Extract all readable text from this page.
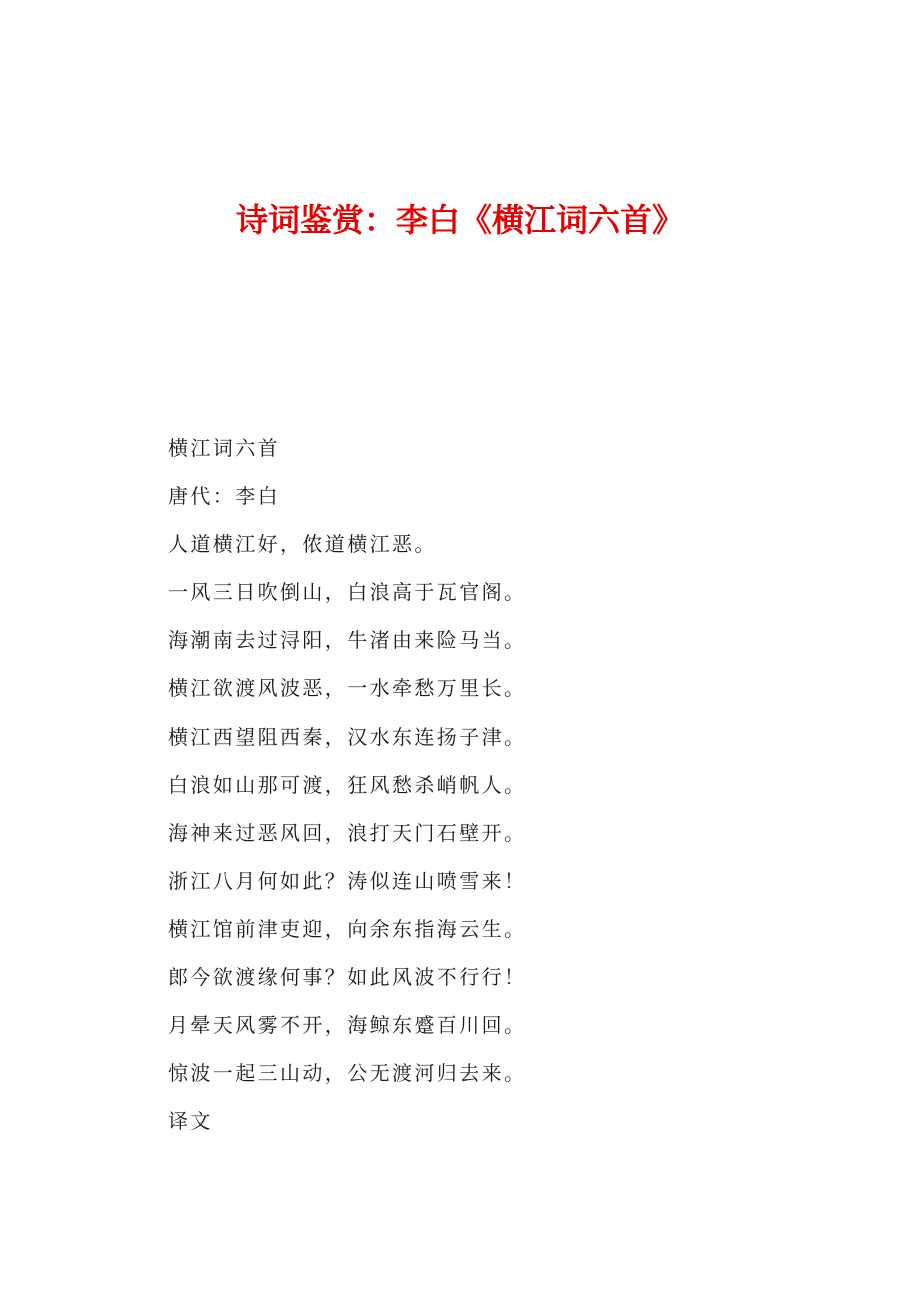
诗词鉴赏：李白《横江词六首》
横江词六首
唐代：李白
人道横江好，侬道横江恶。
一风三日吹倒山，白浪高于瓦官阁。
海潮南去过浔阳，牛渚由来险马当。
横江欲渡风波恶，一水牵愁万里长。
横江西望阻西秦，汉水东连扬子津。
白浪如山那可渡，狂风愁杀峭帆人。
海神来过恶风回，浪打天门石壁开。
浙江八月何如此？涛似连山喷雪来！
横江馆前津吏迎，向余东指海云生。
郎今欲渡缘何事？如此风波不行行！
月晕天风雾不开，海鲸东蹙百川回。
惊波一起三山动，公无渡河归去来。
译文
